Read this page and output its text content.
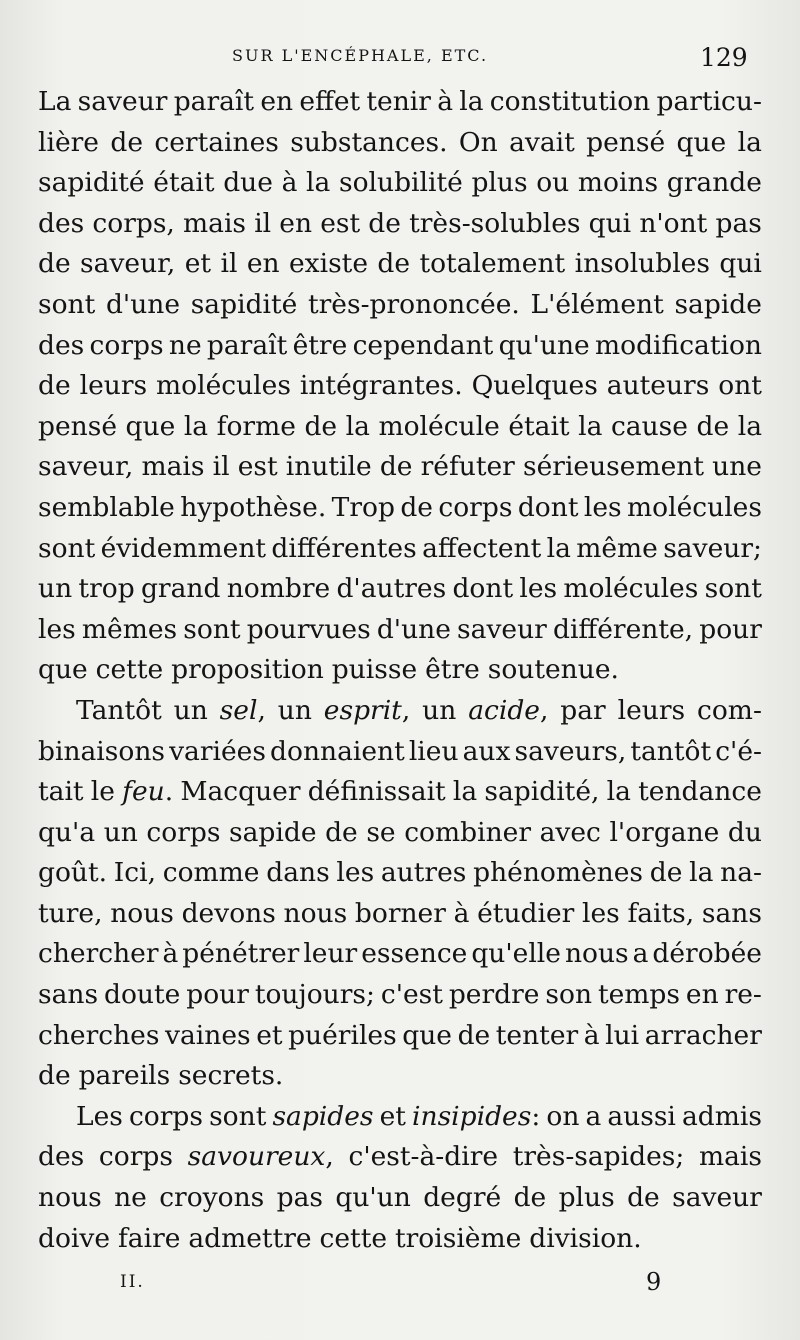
SUR L'ENCÉPHALE, ETC.	129
La saveur paraît en effet tenir à la constitution particu-
lière de certaines substances. On avait pensé que la
sapidité était due à la solubilité plus ou moins grande
des corps, mais il en est de très-solubles qui n'ont pas
de saveur, et il en existe de totalement insolubles qui
sont d'une sapidité très-prononcée. L'élément sapide
des corps ne paraît être cependant qu'une modification
de leurs molécules intégrantes. Quelques auteurs ont
pensé que la forme de la molécule était la cause de la
saveur, mais il est inutile de réfuter sérieusement une
semblable hypothèse. Trop de corps dont les molécules
sont évidemment différentes affectent la même saveur;
un trop grand nombre d'autres dont les molécules sont
les mêmes sont pourvues d'une saveur différente, pour
que cette proposition puisse être soutenue.
Tantôt un sel, un esprit, un acide, par leurs com-
binaisons variées donnaient lieu aux saveurs, tantôt c'é-
tait le feu. Macquer définissait la sapidité, la tendance
qu'a un corps sapide de se combiner avec l'organe du
goût. Ici, comme dans les autres phénomènes de la na-
ture, nous devons nous borner à étudier les faits, sans
chercher à pénétrer leur essence qu'elle nous a dérobée
sans doute pour toujours; c'est perdre son temps en re-
cherches vaines et puériles que de tenter à lui arracher
de pareils secrets.
Les corps sont sapides et insipides: on a aussi admis
des corps savoureux, c'est-à-dire très-sapides; mais
nous ne croyons pas qu'un degré de plus de saveur
doive faire admettre cette troisième division.
II.	9
